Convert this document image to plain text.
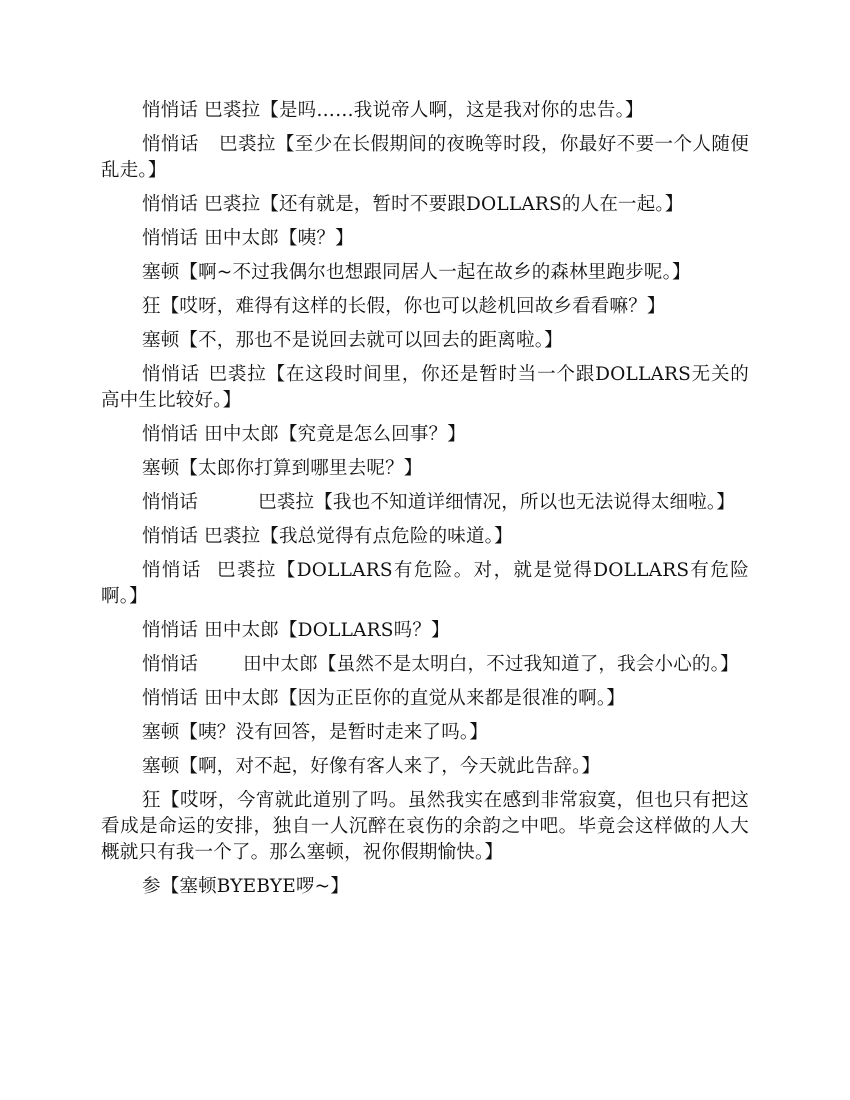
悄悄话 巴裘拉【是吗……我说帝人啊，这是我对你的忠告。】

悄悄话 巴裘拉【至少在长假期间的夜晚等时段，你最好不要一个人随便乱走。】

悄悄话 巴裘拉【还有就是，暂时不要跟DOLLARS的人在一起。】

悄悄话 田中太郎【咦？】

塞顿【啊~不过我偶尔也想跟同居人一起在故乡的森林里跑步呢。】

狂【哎呀，难得有这样的长假，你也可以趁机回故乡看看嘛？】

塞顿【不，那也不是说回去就可以回去的距离啦。】

悄悄话 巴裘拉【在这段时间里，你还是暂时当一个跟DOLLARS无关的高中生比较好。】

悄悄话 田中太郎【究竟是怎么回事？】

塞顿【太郎你打算到哪里去呢？】

悄悄话	巴裘拉【我也不知道详细情况，所以也无法说得太细啦。】

悄悄话 巴裘拉【我总觉得有点危险的味道。】

悄悄话 巴裘拉【DOLLARS有危险。对，就是觉得DOLLARS有危险啊。】

悄悄话 田中太郎【DOLLARS吗？】

悄悄话 田中太郎【虽然不是太明白，不过我知道了，我会小心的。】

悄悄话 田中太郎【因为正臣你的直觉从来都是很准的啊。】

塞顿【咦？没有回答，是暂时走来了吗。】

塞顿【啊，对不起，好像有客人来了，今天就此告辞。】

狂【哎呀，今宵就此道别了吗。虽然我实在感到非常寂寞，但也只有把这看成是命运的安排，独自一人沉醉在哀伤的余韵之中吧。毕竟会这样做的人大概就只有我一个了。那么塞顿，祝你假期愉快。】

参【塞顿BYEBYE啰~】
